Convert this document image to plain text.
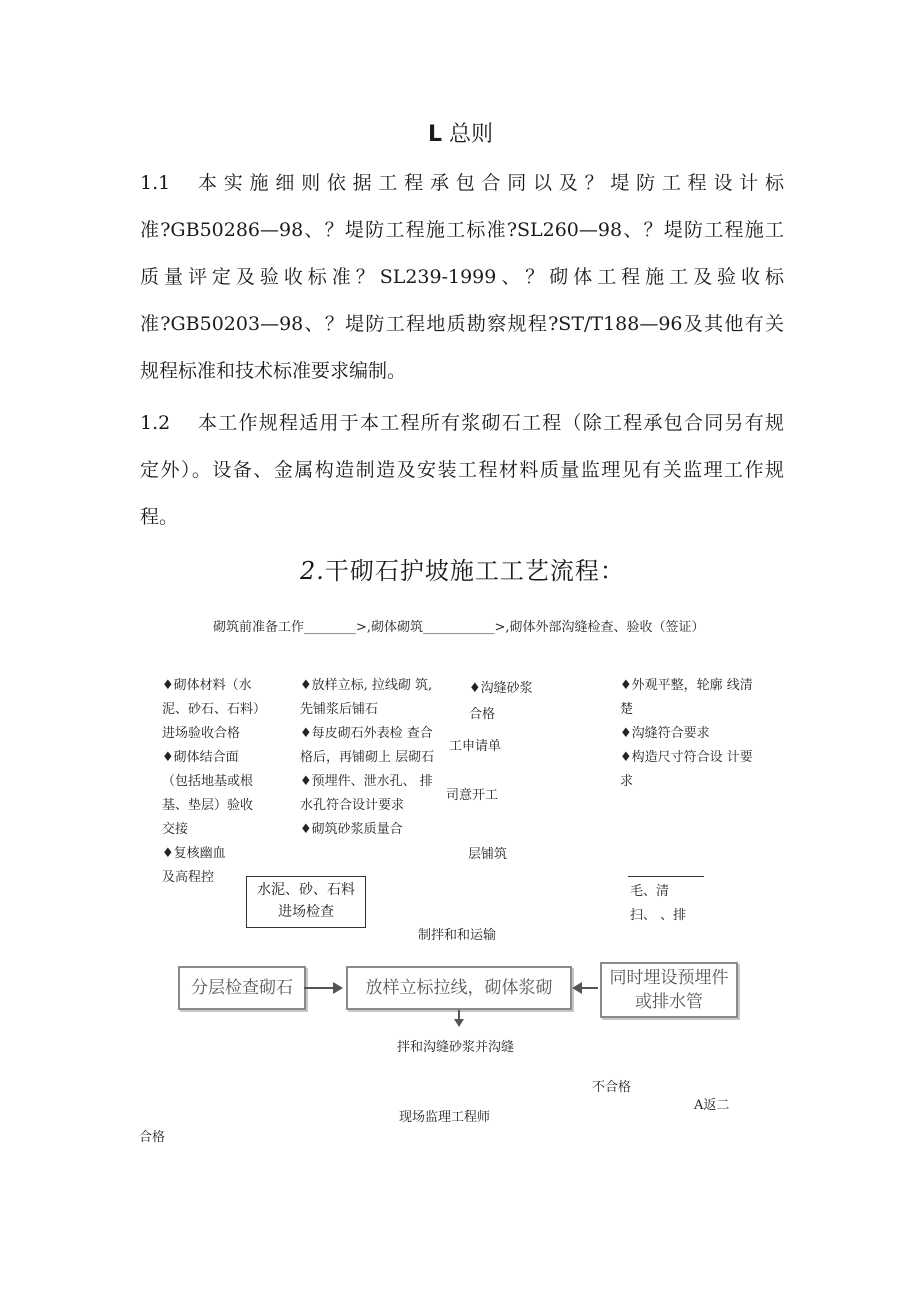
L 总则
1.1 本实施细则依据工程承包合同以及？堤防工程设计标
准?GB50286—98、？堤防工程施工标准?SL260—98、？堤防工程施工
质量评定及验收标准？SL239-1999、？砌体工程施工及验收标
准?GB50203—98、？堤防工程地质勘察规程?ST/T188—96及其他有关
规程标准和技术标准要求编制。
1.2 本工作规程适用于本工程所有浆砌石工程（除工程承包合同另有规
定外）。设备、金属构造制造及安装工程材料质量监理见有关监理工作规
程。
2.干砌石护坡施工工艺流程：
砌筑前准备工作________>,砌体砌筑___________>,砌体外部沟缝检查、验收（签证）
♦砌体材料（水
泥、砂石、石料）
进场验收合格
♦砌体结合面
（包括地基或根
基、垫层）验收
交接
♦复核幽血
及高程控
♦放样立标, 拉线砌 筑,
先铺浆后铺石
♦每皮砌石外表检 查合
格后，再铺砌上 层砌石
♦预埋件、泄水孔、 排
水孔符合设计要求
♦砌筑砂浆质量合
♦沟缝砂浆
合格
工申请单
司意开工
层铺筑
♦外观平整，轮廓 线清
楚
♦沟缝符合要求
♦构造尺寸符合设 计要
求
水泥、砂、石料
进场检查
毛、清
扫、 、排
制拌和和运输
分层检查砌石	放样立标拉线，砌体浆砌	同时埋设预埋件
或排水管
拌和沟缝砂浆并沟缝
不合格
A返二
现场监理工程师
合格
